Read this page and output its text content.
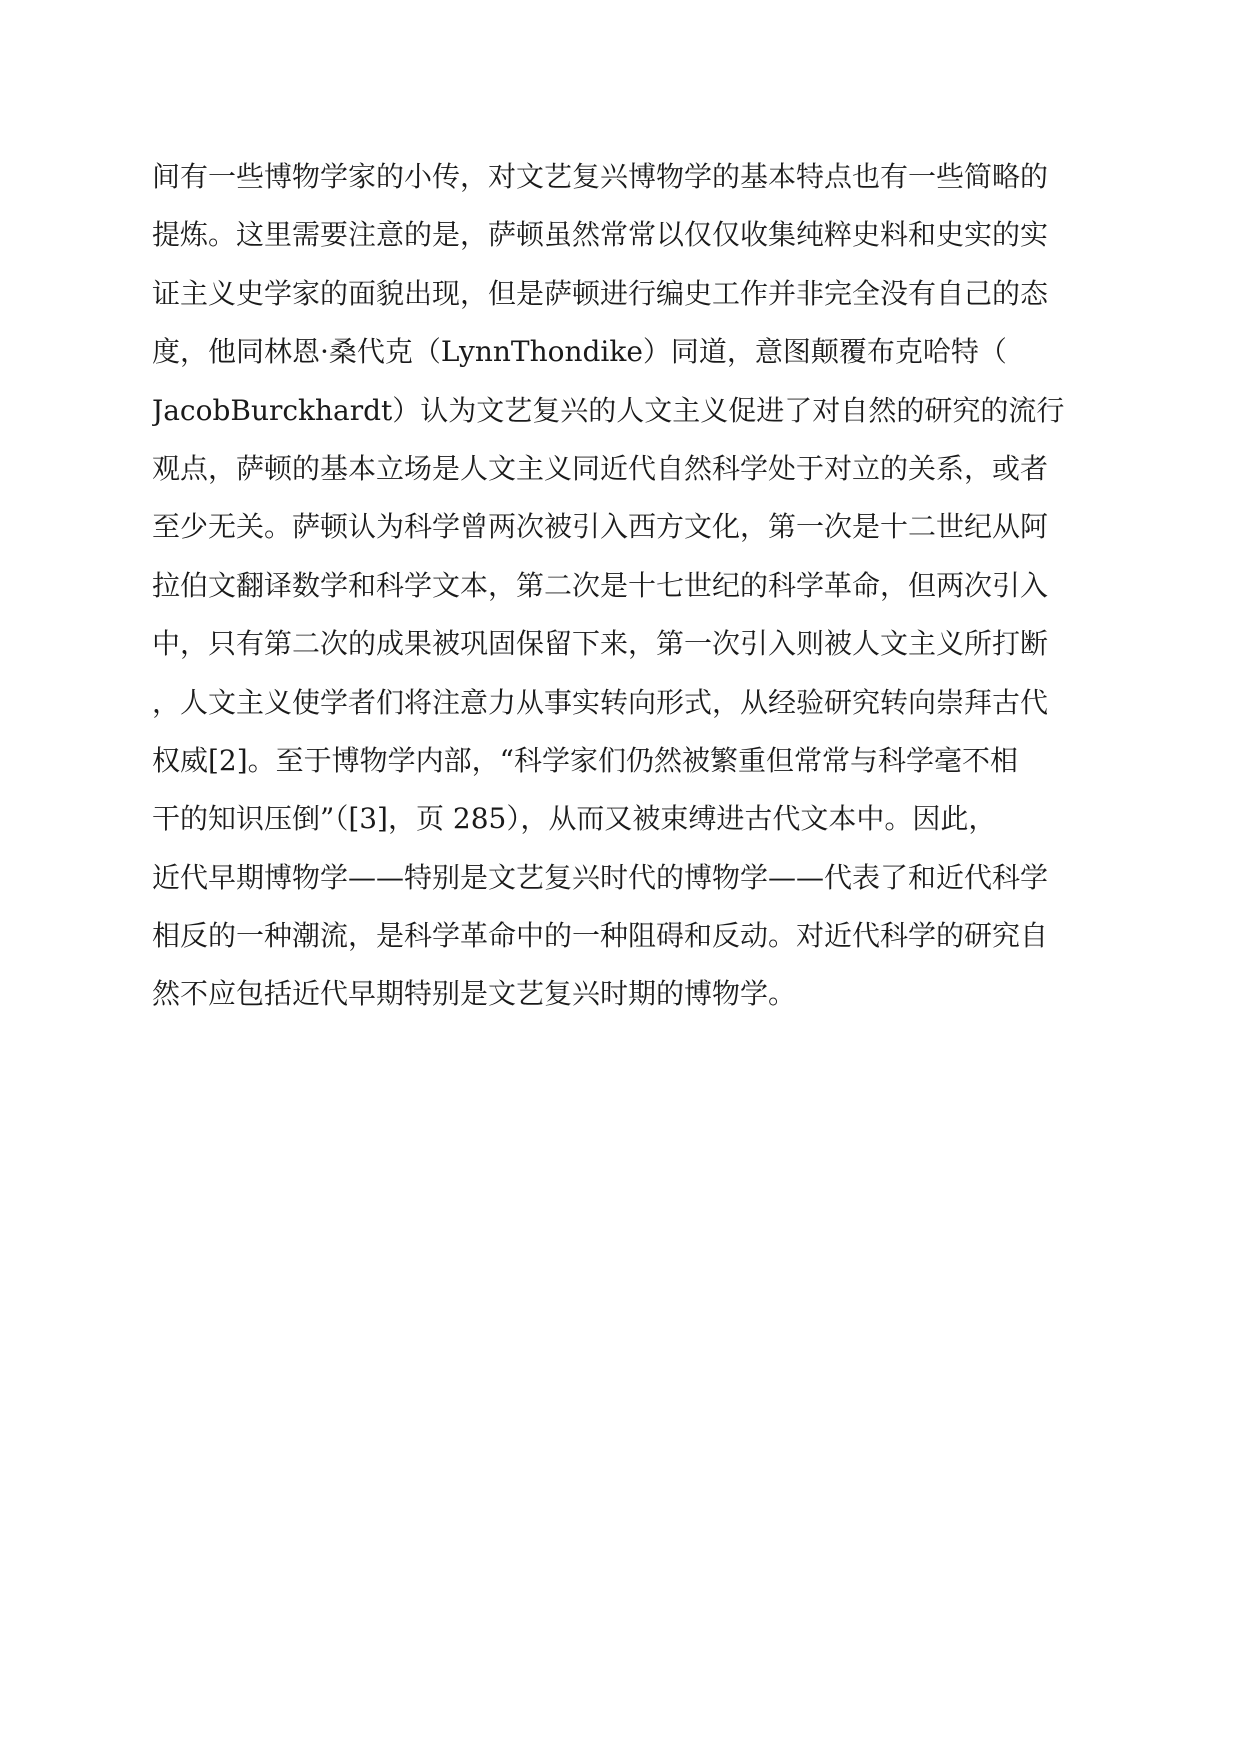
间有一些博物学家的小传，对文艺复兴博物学的基本特点也有一些简略的
提炼。这里需要注意的是，萨顿虽然常常以仅仅收集纯粹史料和史实的实
证主义史学家的面貌出现，但是萨顿进行编史工作并非完全没有自己的态
度，他同林恩·桑代克（LynnThondike）同道，意图颠覆布克哈特（
JacobBurckhardt）认为文艺复兴的人文主义促进了对自然的研究的流行
观点，萨顿的基本立场是人文主义同近代自然科学处于对立的关系，或者
至少无关。萨顿认为科学曾两次被引入西方文化，第一次是十二世纪从阿
拉伯文翻译数学和科学文本，第二次是十七世纪的科学革命，但两次引入
中，只有第二次的成果被巩固保留下来，第一次引入则被人文主义所打断
，人文主义使学者们将注意力从事实转向形式，从经验研究转向崇拜古代
权威[2]。至于博物学内部，“科学家们仍然被繁重但常常与科学毫不相
干的知识压倒”（[3]，页 285），从而又被束缚进古代文本中。因此，
近代早期博物学——特别是文艺复兴时代的博物学——代表了和近代科学
相反的一种潮流，是科学革命中的一种阻碍和反动。对近代科学的研究自
然不应包括近代早期特别是文艺复兴时期的博物学。
